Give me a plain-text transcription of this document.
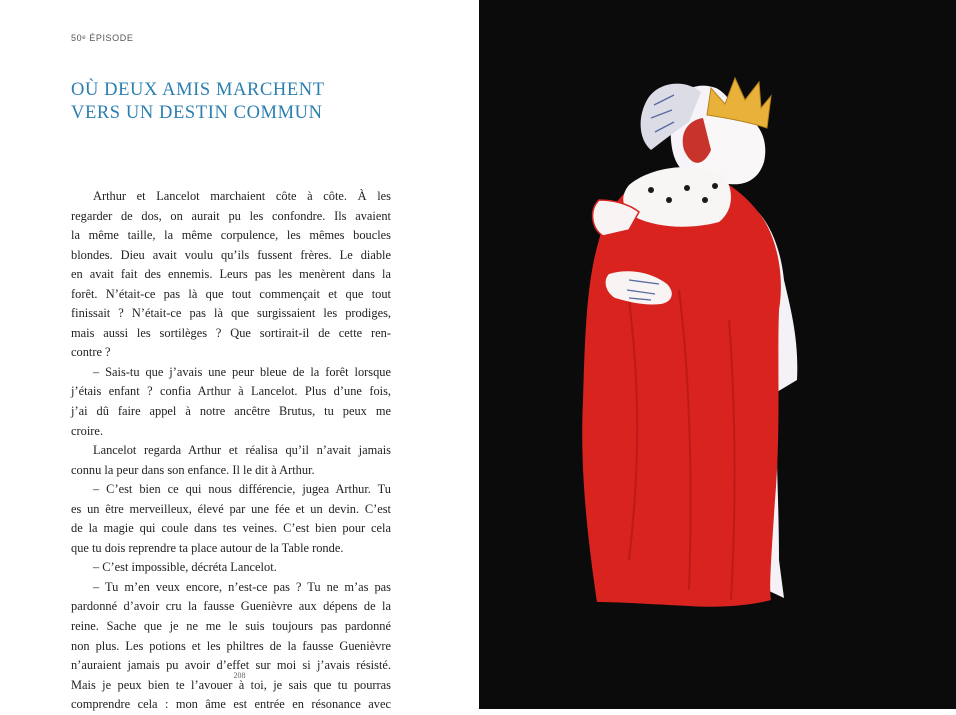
50ᵉ ÉPISODE
OÙ DEUX AMIS MARCHENT
VERS UN DESTIN COMMUN
Arthur et Lancelot marchaient côte à côte. À les
regarder de dos, on aurait pu les confondre. Ils avaient
la même taille, la même corpulence, les mêmes boucles
blondes. Dieu avait voulu qu’ils fussent frères. Le diable
en avait fait des ennemis. Leurs pas les menèrent dans la
forêt. N’était-ce pas là que tout commençait et que tout
finissait ? N’était-ce pas là que surgissaient les prodiges,
mais aussi les sortilèges ? Que sortirait-il de cette ren-
contre ?
– Sais-tu que j’avais une peur bleue de la forêt lorsque
j’étais enfant ? confia Arthur à Lancelot. Plus d’une fois,
j’ai dû faire appel à notre ancêtre Brutus, tu peux me
croire.
Lancelot regarda Arthur et réalisa qu’il n’avait jamais
connu la peur dans son enfance. Il le dit à Arthur.
– C’est bien ce qui nous différencie, jugea Arthur. Tu
es un être merveilleux, élevé par une fée et un devin. C’est
de la magie qui coule dans tes veines. C’est bien pour cela
que tu dois reprendre ta place autour de la Table ronde.
– C’est impossible, décréta Lancelot.
– Tu m’en veux encore, n’est-ce pas ? Tu ne m’as pas
pardonné d’avoir cru la fausse Guenièvre aux dépens de la
reine. Sache que je ne me le suis toujours pas pardonné
non plus. Les potions et les philtres de la fausse Guenièvre
n’auraient jamais pu avoir d’effet sur moi si j’avais résisté.
Mais je peux bien te l’avouer à toi, je sais que tu pourras
comprendre cela : mon âme est entrée en résonance avec
208
